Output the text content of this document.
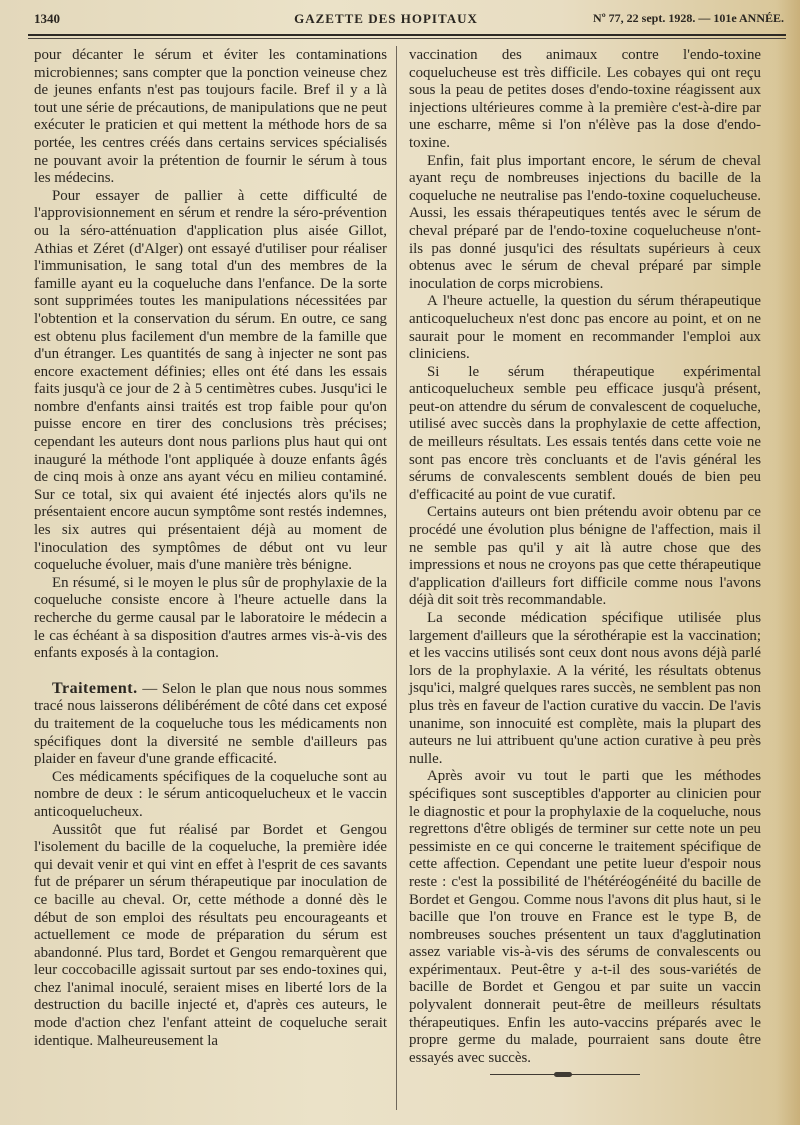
1340	GAZETTE DES HOPITAUX	Nº 77, 22 sept. 1928. — 101e ANNÉE.

pour décanter le sérum et éviter les contaminations microbiennes; sans compter que la ponction veineuse chez de jeunes enfants n'est pas toujours facile. Bref il y a là tout une série de précautions, de manipulations que ne peut exécuter le praticien et qui mettent la méthode hors de sa portée, les centres créés dans certains services spécialisés ne pouvant avoir la prétention de fournir le sérum à tous les médecins.

Pour essayer de pallier à cette difficulté de l'approvisionnement en sérum et rendre la séro-prévention ou la séro-atténuation d'application plus aisée Gillot, Athias et Zéret (d'Alger) ont essayé d'utiliser pour réaliser l'immunisation, le sang total d'un des membres de la famille ayant eu la coqueluche dans l'enfance. De la sorte sont supprimées toutes les manipulations nécessitées par l'obtention et la conservation du sérum. En outre, ce sang est obtenu plus facilement d'un membre de la famille que d'un étranger. Les quantités de sang à injecter ne sont pas encore exactement définies; elles ont été dans les essais faits jusqu'à ce jour de 2 à 5 centimètres cubes. Jusqu'ici le nombre d'enfants ainsi traités est trop faible pour qu'on puisse encore en tirer des conclusions très précises; cependant les auteurs dont nous parlions plus haut qui ont inauguré la méthode l'ont appliquée à douze enfants âgés de cinq mois à onze ans ayant vécu en milieu contaminé. Sur ce total, six qui avaient été injectés alors qu'ils ne présentaient encore aucun symptôme sont restés indemnes, les six autres qui présentaient déjà au moment de l'inoculation des symptômes de début ont vu leur coqueluche évoluer, mais d'une manière très bénigne.

En résumé, si le moyen le plus sûr de prophylaxie de la coqueluche consiste encore à l'heure actuelle dans la recherche du germe causal par le laboratoire le médecin a le cas échéant à sa disposition d'autres armes vis-à-vis des enfants exposés à la contagion.

Traitement. — Selon le plan que nous nous sommes tracé nous laisserons délibérément de côté dans cet exposé du traitement de la coqueluche tous les médicaments non spécifiques dont la diversité ne semble d'ailleurs pas plaider en faveur d'une grande efficacité.

Ces médicaments spécifiques de la coqueluche sont au nombre de deux : le sérum anticoquelucheux et le vaccin anticoquelucheux.

Aussitôt que fut réalisé par Bordet et Gengou l'isolement du bacille de la coqueluche, la première idée qui devait venir et qui vint en effet à l'esprit de ces savants fut de préparer un sérum thérapeutique par inoculation de ce bacille au cheval. Or, cette méthode a donné dès le début de son emploi des résultats peu encourageants et actuellement ce mode de préparation du sérum est abandonné. Plus tard, Bordet et Gengou remarquèrent que leur coccobacille agissait surtout par ses endo-toxines qui, chez l'animal inoculé, seraient mises en liberté lors de la destruction du bacille injecté et, d'après ces auteurs, le mode d'action chez l'enfant atteint de coqueluche serait identique. Malheureusement la

vaccination des animaux contre l'endo-toxine coquelucheuse est très difficile. Les cobayes qui ont reçu sous la peau de petites doses d'endo-toxine réagissent aux injections ultérieures comme à la première c'est-à-dire par une escharre, même si l'on n'élève pas la dose d'endo-toxine.

Enfin, fait plus important encore, le sérum de cheval ayant reçu de nombreuses injections du bacille de la coqueluche ne neutralise pas l'endo-toxine coquelucheuse. Aussi, les essais thérapeutiques tentés avec le sérum de cheval préparé par de l'endo-toxine coquelucheuse n'ont-ils pas donné jusqu'ici des résultats supérieurs à ceux obtenus avec le sérum de cheval préparé par simple inoculation de corps microbiens.

A l'heure actuelle, la question du sérum thérapeutique anticoquelucheux n'est donc pas encore au point, et on ne saurait pour le moment en recommander l'emploi aux cliniciens.

Si le sérum thérapeutique expérimental anticoquelucheux semble peu efficace jusqu'à présent, peut-on attendre du sérum de convalescent de coqueluche, utilisé avec succès dans la prophylaxie de cette affection, de meilleurs résultats. Les essais tentés dans cette voie ne sont pas encore très concluants et de l'avis général les sérums de convalescents semblent doués de bien peu d'efficacité au point de vue curatif.

Certains auteurs ont bien prétendu avoir obtenu par ce procédé une évolution plus bénigne de l'affection, mais il ne semble pas qu'il y ait là autre chose que des impressions et nous ne croyons pas que cette thérapeutique d'application d'ailleurs fort difficile comme nous l'avons déjà dit soit très recommandable.

La seconde médication spécifique utilisée plus largement d'ailleurs que la sérothérapie est la vaccination; et les vaccins utilisés sont ceux dont nous avons déjà parlé lors de la prophylaxie. A la vérité, les résultats obtenus jsqu'ici, malgré quelques rares succès, ne semblent pas non plus très en faveur de l'action curative du vaccin. De l'avis unanime, son innocuité est complète, mais la plupart des auteurs ne lui attribuent qu'une action curative à peu près nulle.

Après avoir vu tout le parti que les méthodes spécifiques sont susceptibles d'apporter au clinicien pour le diagnostic et pour la prophylaxie de la coqueluche, nous regrettons d'être obligés de terminer sur cette note un peu pessimiste en ce qui concerne le traitement spécifique de cette affection. Cependant une petite lueur d'espoir nous reste : c'est la possibilité de l'hétéréogénéité du bacille de Bordet et Gengou. Comme nous l'avons dit plus haut, si le bacille que l'on trouve en France est le type B, de nombreuses souches présentent un taux d'agglutination assez variable vis-à-vis des sérums de convalescents ou expérimentaux. Peut-être y a-t-il des sous-variétés de bacille de Bordet et Gengou et par suite un vaccin polyvalent donnerait peut-être de meilleurs résultats thérapeutiques. Enfin les auto-vaccins préparés avec le propre germe du malade, pourraient sans doute être essayés avec succès.
